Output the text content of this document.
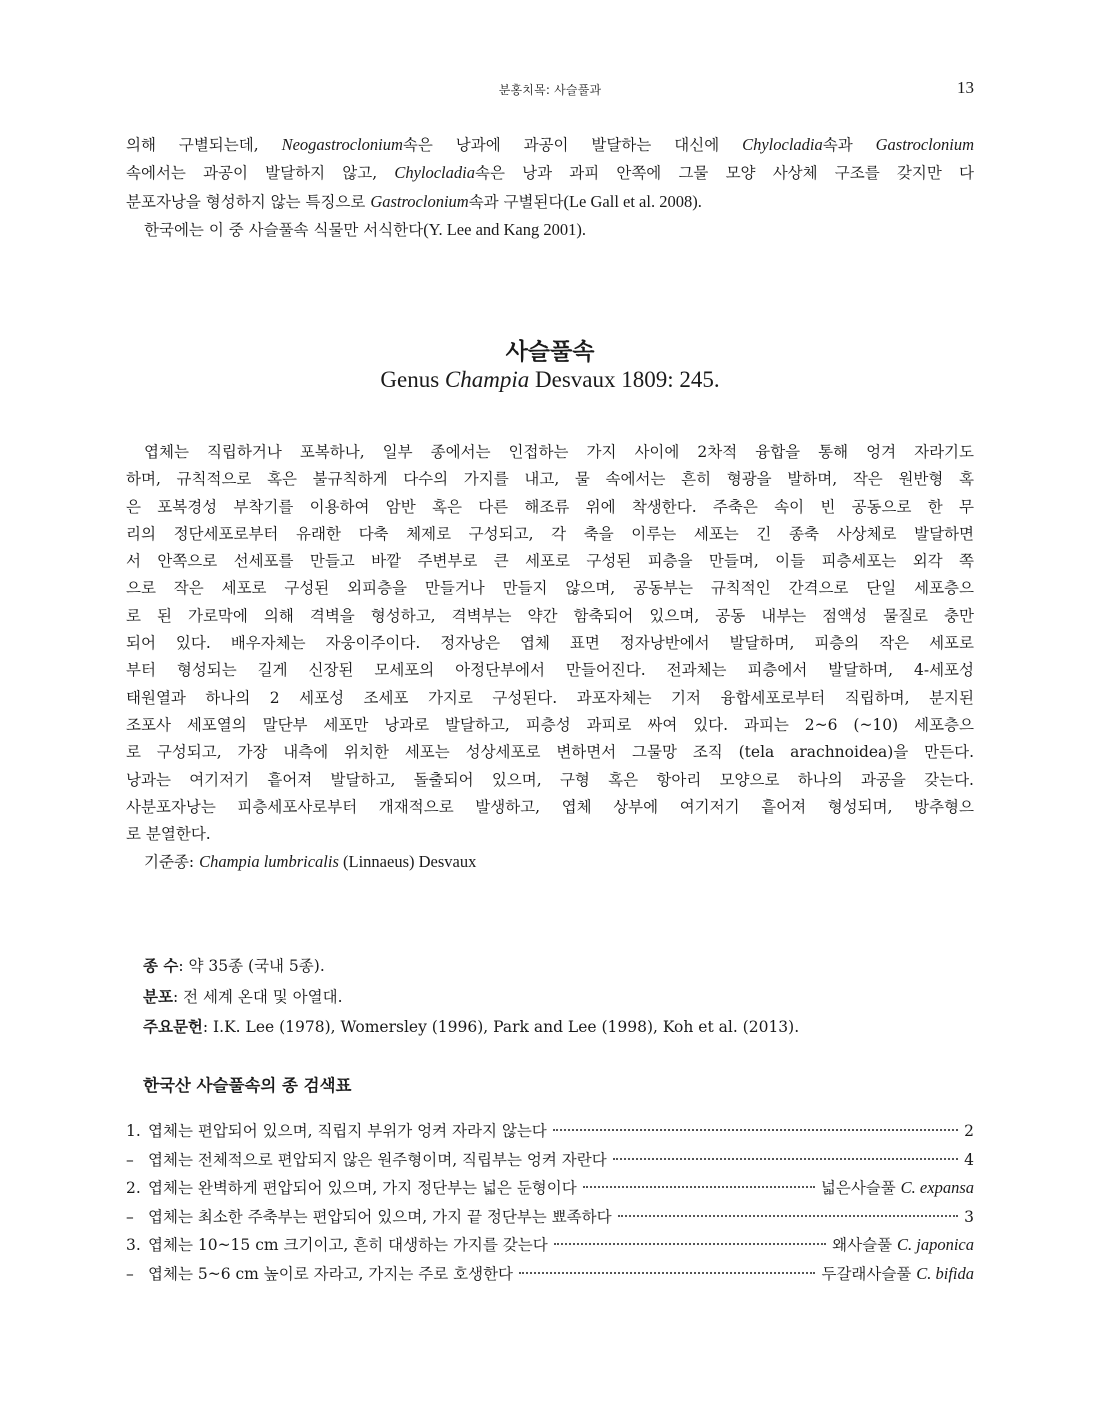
분홍치목: 사슬풀과	13
의해 구별되는데, Neogastroclonium속은 낭과에 과공이 발달하는 대신에 Chylocladia속과 Gastroclonium
속에서는 과공이 발달하지 않고, Chylocladia속은 낭과 과피 안쪽에 그물 모양 사상체 구조를 갖지만 다
분포자낭을 형성하지 않는 특징으로 Gastroclonium속과 구별된다(Le Gall et al. 2008).
한국에는 이 중 사슬풀속 식물만 서식한다(Y. Lee and Kang 2001).
사슬풀속
Genus Champia Desvaux 1809: 245.
엽체는 직립하거나 포복하나, 일부 종에서는 인접하는 가지 사이에 2차적 융합을 통해 엉겨 자라기도
하며, 규칙적으로 혹은 불규칙하게 다수의 가지를 내고, 물 속에서는 흔히 형광을 발하며, 작은 원반형 혹
은 포복경성 부착기를 이용하여 암반 혹은 다른 해조류 위에 착생한다. 주축은 속이 빈 공동으로 한 무
리의 정단세포로부터 유래한 다축 체제로 구성되고, 각 축을 이루는 세포는 긴 종축 사상체로 발달하면
서 안쪽으로 선세포를 만들고 바깥 주변부로 큰 세포로 구성된 피층을 만들며, 이들 피층세포는 외각 쪽
으로 작은 세포로 구성된 외피층을 만들거나 만들지 않으며, 공동부는 규칙적인 간격으로 단일 세포층으
로 된 가로막에 의해 격벽을 형성하고, 격벽부는 약간 함축되어 있으며, 공동 내부는 점액성 물질로 충만
되어 있다. 배우자체는 자웅이주이다. 정자낭은 엽체 표면 정자낭반에서 발달하며, 피층의 작은 세포로
부터 형성되는 길게 신장된 모세포의 아정단부에서 만들어진다. 전과체는 피층에서 발달하며, 4-세포성
태원열과 하나의 2 세포성 조세포 가지로 구성된다. 과포자체는 기저 융합세포로부터 직립하며, 분지된
조포사 세포열의 말단부 세포만 낭과로 발달하고, 피층성 과피로 싸여 있다. 과피는 2~6 (~10) 세포층으
로 구성되고, 가장 내측에 위치한 세포는 성상세포로 변하면서 그물망 조직 (tela arachnoidea)을 만든다.
낭과는 여기저기 흩어져 발달하고, 돌출되어 있으며, 구형 혹은 항아리 모양으로 하나의 과공을 갖는다.
사분포자낭는 피층세포사로부터 개재적으로 발생하고, 엽체 상부에 여기저기 흩어져 형성되며, 방추형으
로 분열한다.
기준종: Champia lumbricalis (Linnaeus) Desvaux
종 수: 약 35종 (국내 5종).
분포: 전 세계 온대 및 아열대.
주요문헌: I.K. Lee (1978), Womersley (1996), Park and Lee (1998), Koh et al. (2013).
한국산 사슬풀속의 종 검색표
1. 엽체는 편압되어 있으며, 직립지 부위가 엉켜 자라지 않는다	2
– 엽체는 전체적으로 편압되지 않은 원주형이며, 직립부는 엉켜 자란다	4
2. 엽체는 완벽하게 편압되어 있으며, 가지 정단부는 넓은 둔형이다	넓은사슬풀 C. expansa
– 엽체는 최소한 주축부는 편압되어 있으며, 가지 끝 정단부는 뾰족하다	3
3. 엽체는 10~15 cm 크기이고, 흔히 대생하는 가지를 갖는다	왜사슬풀 C. japonica
– 엽체는 5~6 cm 높이로 자라고, 가지는 주로 호생한다	두갈래사슬풀 C. bifida
